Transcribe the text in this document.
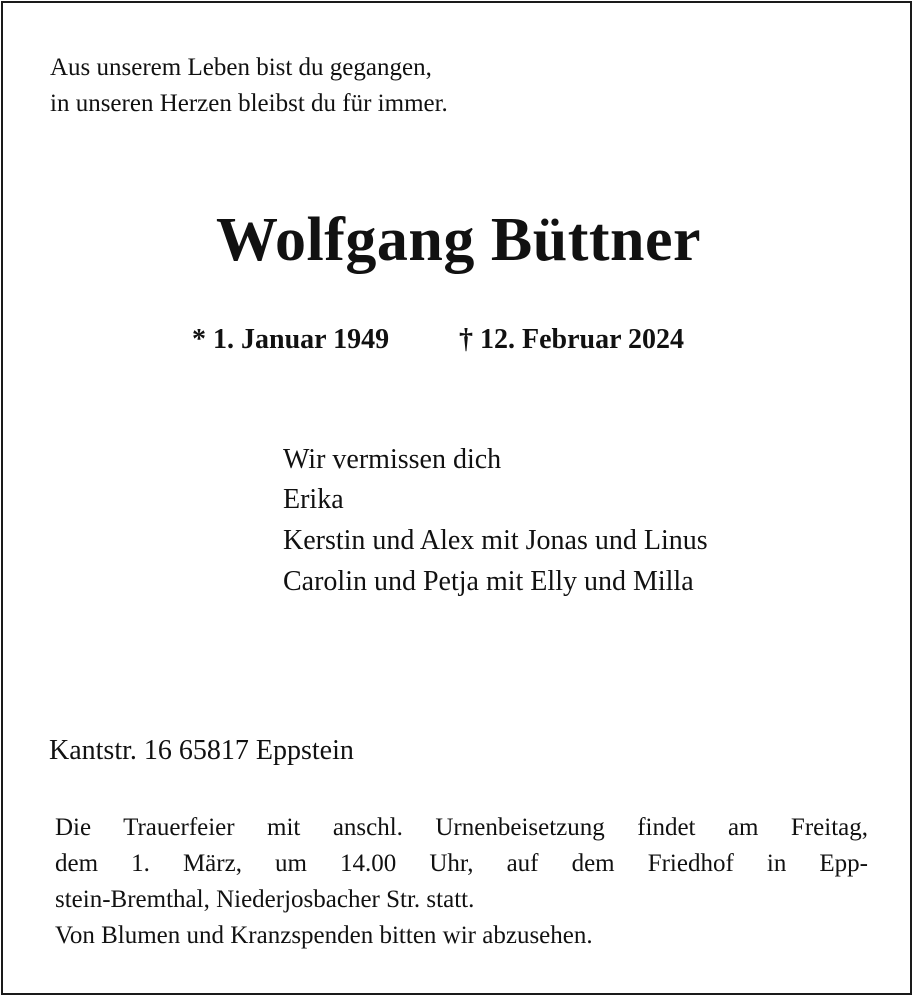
Aus unserem Leben bist du gegangen,
in unseren Herzen bleibst du für immer.
Wolfgang Büttner
* 1. Januar 1949 † 12. Februar 2024
Wir vermissen dich
Erika
Kerstin und Alex mit Jonas und Linus
Carolin und Petja mit Elly und Milla
Kantstr. 16 65817 Eppstein
Die Trauerfeier mit anschl. Urnenbeisetzung findet am Freitag,
dem 1. März, um 14.00 Uhr, auf dem Friedhof in Epp-
stein-Bremthal, Niederjosbacher Str. statt.
Von Blumen und Kranzspenden bitten wir abzusehen.
